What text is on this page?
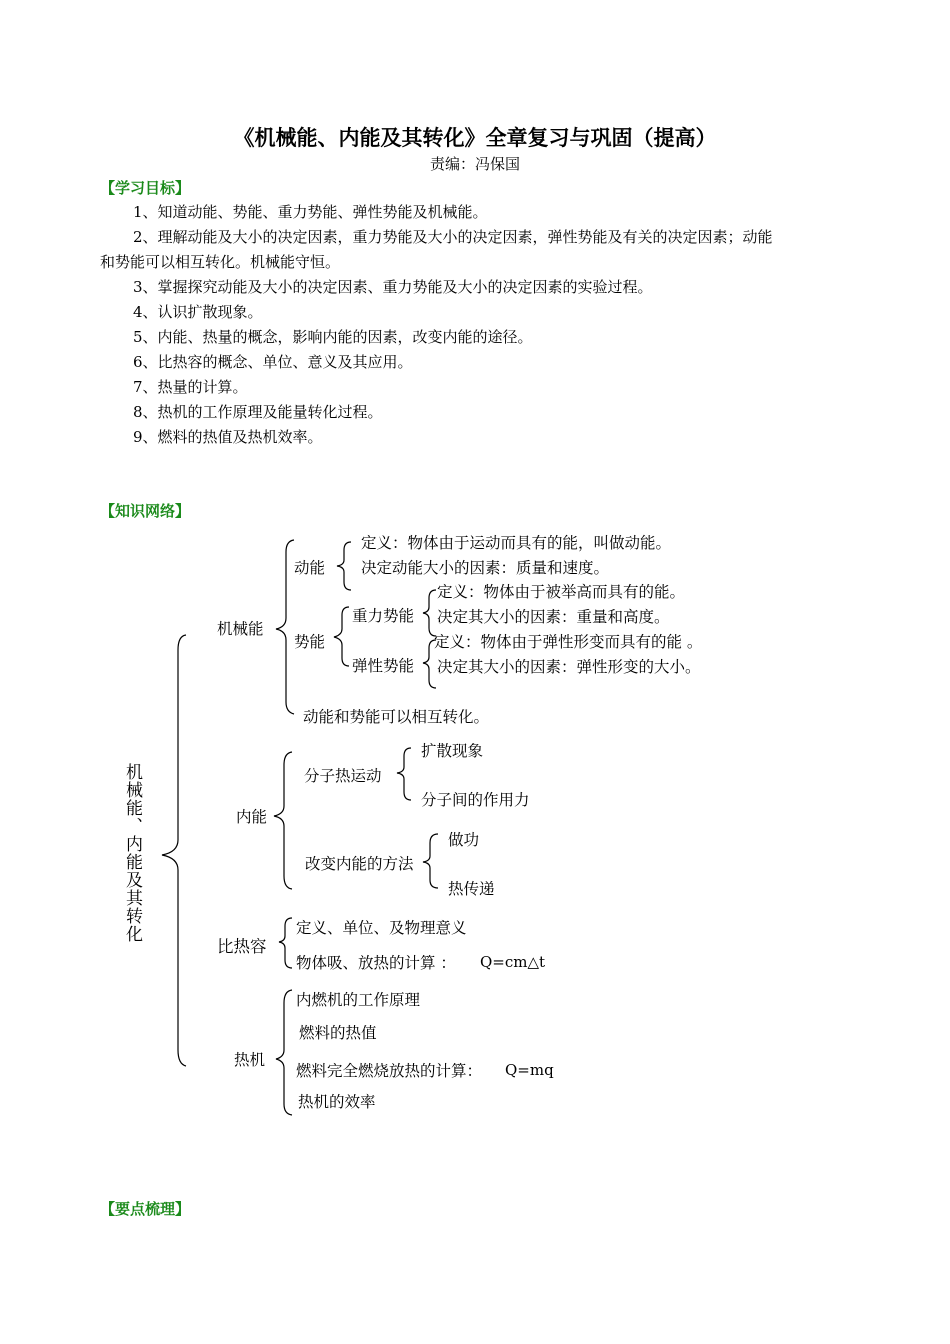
《机械能、内能及其转化》全章复习与巩固（提高）
责编：冯保国
【学习目标】
1、知道动能、势能、重力势能、弹性势能及机械能。
2、理解动能及大小的决定因素，重力势能及大小的决定因素，弹性势能及有关的决定因素；动能
和势能可以相互转化。机械能守恒。
3、掌握探究动能及大小的决定因素、重力势能及大小的决定因素的实验过程。
4、认识扩散现象。
5、内能、热量的概念，影响内能的因素，改变内能的途径。
6、比热容的概念、单位、意义及其应用。
7、热量的计算。
8、热机的工作原理及能量转化过程。
9、燃料的热值及热机效率。
【知识网络】
机械能、内能及其转化
机械能
动能
定义：物体由于运动而具有的能，叫做动能。
决定动能大小的因素：质量和速度。
势能
重力势能
定义：物体由于被举高而具有的能。
决定其大小的因素：重量和高度。
弹性势能
定义：物体由于弹性形变而具有的能 。
决定其大小的因素：弹性形变的大小。
动能和势能可以相互转化。
内能
分子热运动
扩散现象
分子间的作用力
改变内能的方法
做功
热传递
比热容
定义、单位、及物理意义
物体吸、放热的计算 ： Q=cm△t
热机
内燃机的工作原理
燃料的热值
燃料完全燃烧放热的计算： Q=mq
热机的效率
【要点梳理】
